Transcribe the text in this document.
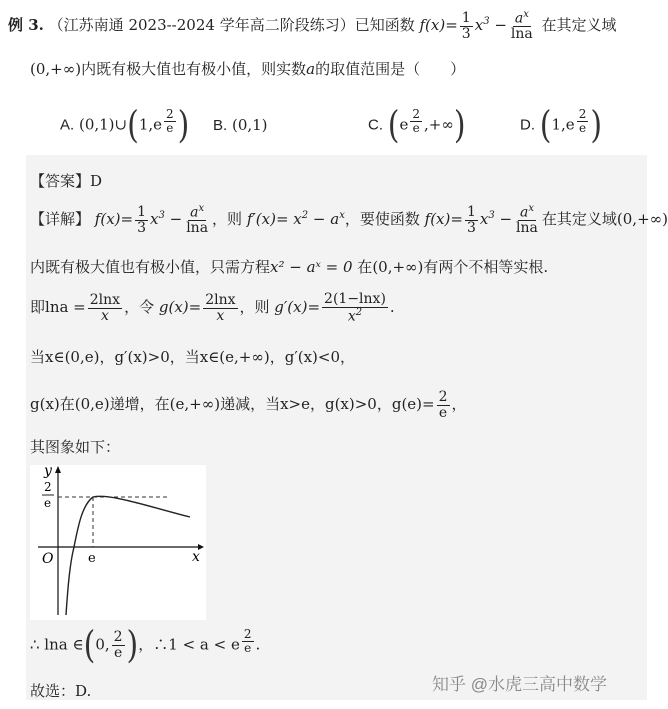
例 3. （江苏南通 2023--2024 学年高二阶段练习）已知函数 $f(x)= \frac{1}{3} x^3 - \frac{a^x}{\ln a}$ 在其定义域
(0,+∞)内既有极大值也有极小值，则实数a的取值范围是（　　）
A. (0,1)∪(1,e $^{\frac{2}{e}}$ ) B. (0,1)	C. (e $^{\frac{2}{e}}$ ,+∞)	D. (1,e $^{\frac{2}{e}}$ )
【答案】D
【详解】 $f(x)= \frac{1}{3} x^3 - \frac{a^x}{\ln a}$ ，则 $f'(x)= x^2 - a^x$，要使函数 $f(x)= \frac{1}{3} x^3 - \frac{a^x}{\ln a}$ 在其定义域(0,+∞)
内既有极大值也有极小值，只需方程x² − aˣ = 0 在(0,+∞)有两个不相等实根.
即$\ln a = \frac{2\ln x}{x}$ ，令 $g(x)= \frac{2\ln x}{x}$ ，则 $g'(x)= \frac{2(1-\ln x)}{x^2}$ .
当x∈(0,e)，g′(x)>0，当x∈(e,+∞)，g′(x)<0，
g(x)在(0,e)递增，在(e,+∞)递减，当x>e，g(x)>0，$g(e)= \frac{2}{e}$ ，
其图象如下：
y
x
O	e
2
e
∴ lna ∈(0, $\frac{2}{e}$ )，∴1 < a < e $^{\frac{2}{e}}$ .
故选：D.	知乎 @水虎三高中数学
